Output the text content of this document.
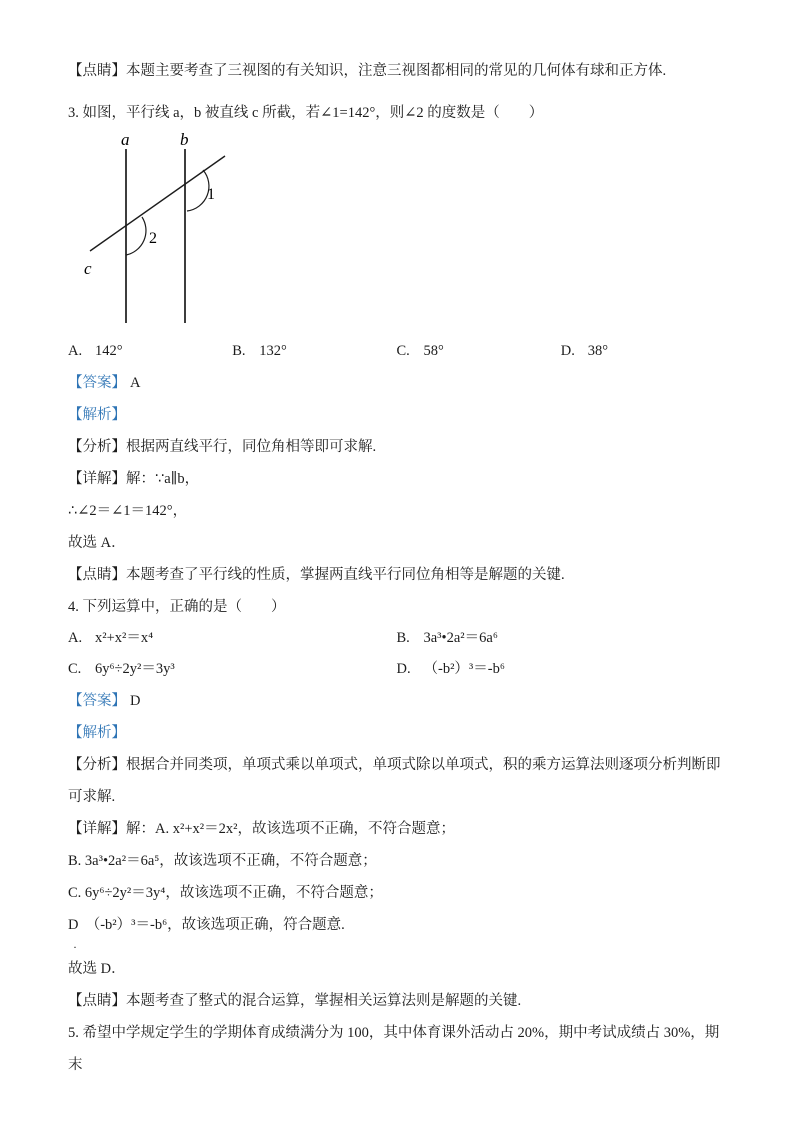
【点睛】本题主要考查了三视图的有关知识，注意三视图都相同的常见的几何体有球和正方体.

3. 如图，平行线 a，b 被直线 c 所截，若∠1=142°，则∠2 的度数是（　　）

a	b
c
1
2
A. 142°	B. 132°	C. 58°	D. 38°

【答案】 A

【解析】

【分析】根据两直线平行，同位角相等即可求解.

【详解】解：∵a∥b，

∴∠2＝∠1＝142°，

故选 A．

【点睛】本题考查了平行线的性质，掌握两直线平行同位角相等是解题的关键.

4. 下列运算中，正确的是（　　）

A. x²+x²＝x⁴	B. 3a³•2a²＝6a⁶
C. 6y⁶÷2y²＝3y³	D. （-b²）³＝-b⁶

【答案】 D

【解析】

【分析】根据合并同类项，单项式乘以单项式，单项式除以单项式，积的乘方运算法则逐项分析判断即可求解.

【详解】解：A. x²+x²＝2x²，故该选项不正确，不符合题意；

B. 3a³•2a²＝6a⁵，故该选项不正确，不符合题意；

C. 6y⁶÷2y²＝3y⁴，故该选项不正确，不符合题意；

D　（-b²）³＝-b⁶，故该选项正确，符合题意.

·

故选 D．

【点睛】本题考查了整式的混合运算，掌握相关运算法则是解题的关键.

5. 希望中学规定学生的学期体育成绩满分为 100，其中体育课外活动占 20%，期中考试成绩占 30%，期末
